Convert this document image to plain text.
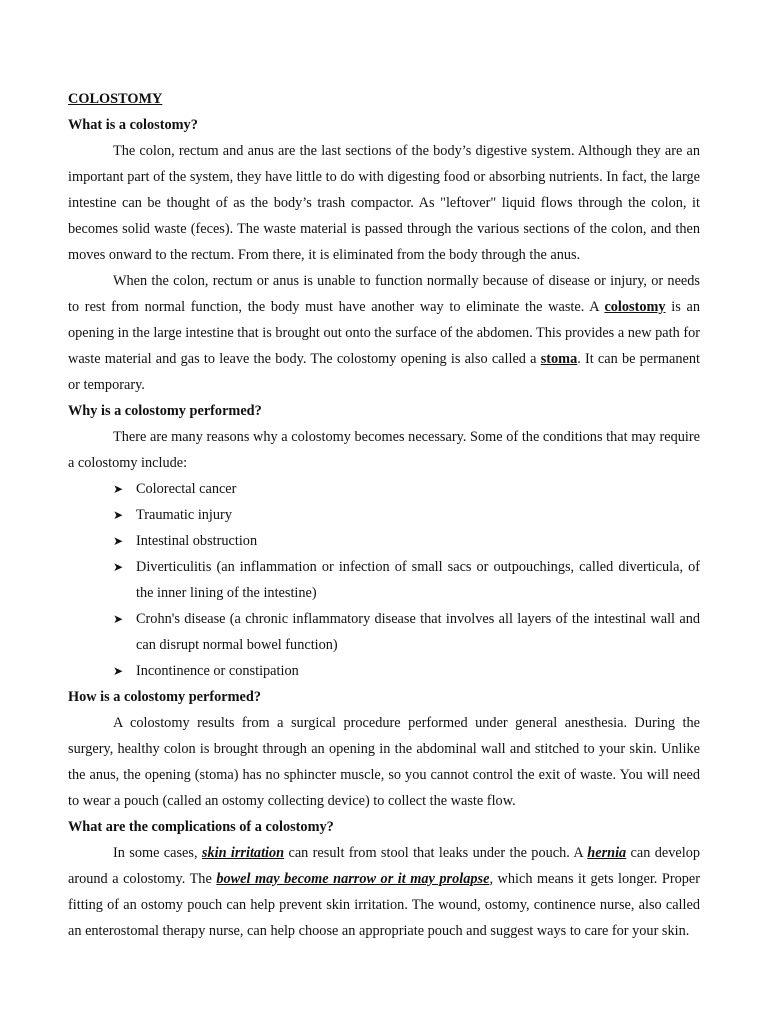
COLOSTOMY
What is a colostomy?

The colon, rectum and anus are the last sections of the body’s digestive system. Although they are an important part of the system, they have little to do with digesting food or absorbing nutrients. In fact, the large intestine can be thought of as the body’s trash compactor. As "leftover" liquid flows through the colon, it becomes solid waste (feces). The waste material is passed through the various sections of the colon, and then moves onward to the rectum. From there, it is eliminated from the body through the anus.

When the colon, rectum or anus is unable to function normally because of disease or injury, or needs to rest from normal function, the body must have another way to eliminate the waste. A colostomy is an opening in the large intestine that is brought out onto the surface of the abdomen. This provides a new path for waste material and gas to leave the body. The colostomy opening is also called a stoma. It can be permanent or temporary.

Why is a colostomy performed?

There are many reasons why a colostomy becomes necessary. Some of the conditions that may require a colostomy include:

➤ Colorectal cancer
➤ Traumatic injury
➤ Intestinal obstruction
➤ Diverticulitis (an inflammation or infection of small sacs or outpouchings, called diverticula, of the inner lining of the intestine)
➤ Crohn's disease (a chronic inflammatory disease that involves all layers of the intestinal wall and can disrupt normal bowel function)
➤ Incontinence or constipation
How is a colostomy performed?

A colostomy results from a surgical procedure performed under general anesthesia. During the surgery, healthy colon is brought through an opening in the abdominal wall and stitched to your skin. Unlike the anus, the opening (stoma) has no sphincter muscle, so you cannot control the exit of waste. You will need to wear a pouch (called an ostomy collecting device) to collect the waste flow.

What are the complications of a colostomy?

In some cases, skin irritation can result from stool that leaks under the pouch. A hernia can develop around a colostomy. The bowel may become narrow or it may prolapse, which means it gets longer. Proper fitting of an ostomy pouch can help prevent skin irritation. The wound, ostomy, continence nurse, also called an enterostomal therapy nurse, can help choose an appropriate pouch and suggest ways to care for your skin.
